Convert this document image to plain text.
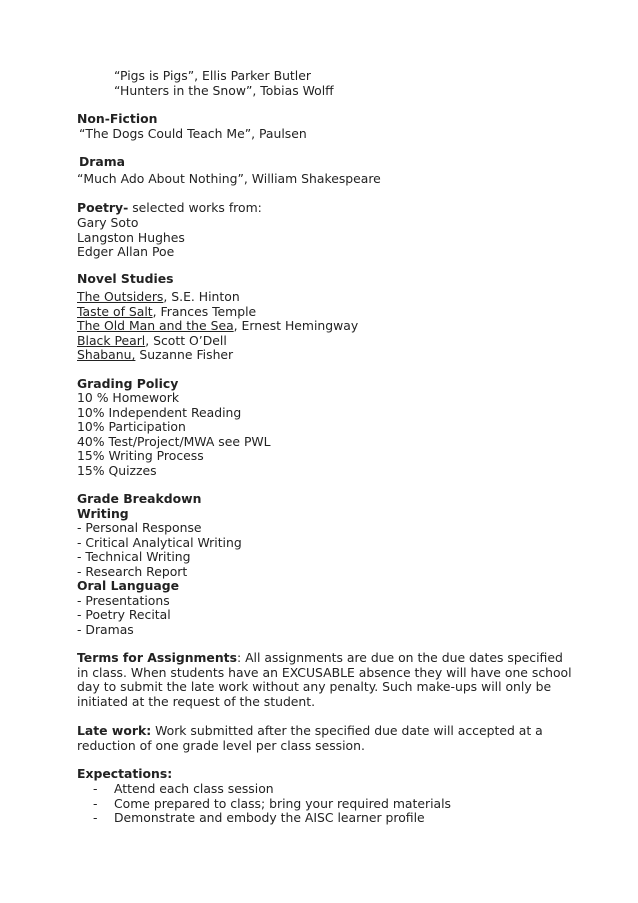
“Pigs is Pigs”, Ellis Parker Butler
“Hunters in the Snow”, Tobias Wolff
Non-Fiction
“The Dogs Could Teach Me”, Paulsen
Drama
“Much Ado About Nothing”, William Shakespeare
Poetry- selected works from:
Gary Soto
Langston Hughes
Edger Allan Poe
Novel Studies
The Outsiders, S.E. Hinton
Taste of Salt, Frances Temple
The Old Man and the Sea, Ernest Hemingway
Black Pearl, Scott O’Dell
Shabanu, Suzanne Fisher
Grading Policy
10 % Homework
10% Independent Reading
10% Participation
40% Test/Project/MWA see PWL
15% Writing Process
15% Quizzes
Grade Breakdown
Writing
- Personal Response
- Critical Analytical Writing
- Technical Writing
- Research Report
Oral Language
- Presentations
- Poetry Recital
- Dramas
Terms for Assignments: All assignments are due on the due dates specified in class. When students have an EXCUSABLE absence they will have one school day to submit the late work without any penalty. Such make-ups will only be initiated at the request of the student.
Late work: Work submitted after the specified due date will accepted at a reduction of one grade level per class session.
Expectations:
- Attend each class session
- Come prepared to class; bring your required materials
- Demonstrate and embody the AISC learner profile
